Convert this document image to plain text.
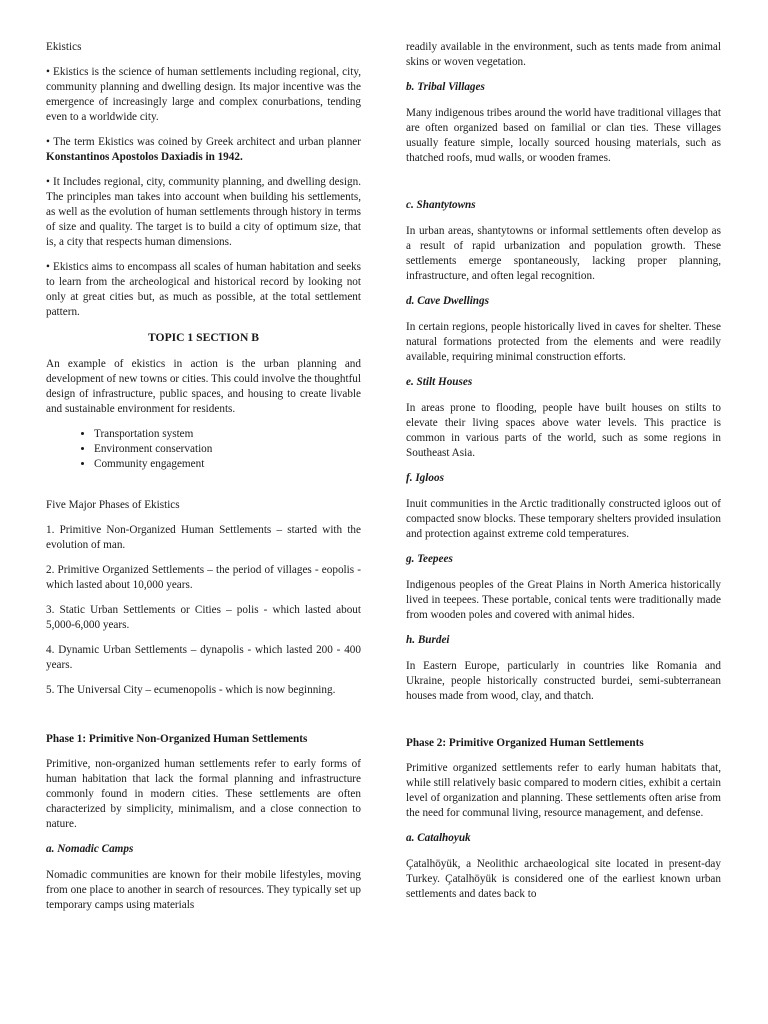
Ekistics

• Ekistics is the science of human settlements including regional, city, community planning and dwelling design. Its major incentive was the emergence of increasingly large and complex conurbations, tending even to a worldwide city.

• The term Ekistics was coined by Greek architect and urban planner Konstantinos Apostolos Daxiadis in 1942.

• It Includes regional, city, community planning, and dwelling design. The principles man takes into account when building his settlements, as well as the evolution of human settlements through history in terms of size and quality. The target is to build a city of optimum size, that is, a city that respects human dimensions.

• Ekistics aims to encompass all scales of human habitation and seeks to learn from the archeological and historical record by looking not only at great cities but, as much as possible, at the total settlement pattern.

TOPIC 1 SECTION B

An example of ekistics in action is the urban planning and development of new towns or cities. This could involve the thoughtful design of infrastructure, public spaces, and housing to create livable and sustainable environment for residents.

• Transportation system
• Environment conservation
• Community engagement

Five Major Phases of Ekistics

1. Primitive Non-Organized Human Settlements – started with the evolution of man.

2. Primitive Organized Settlements – the period of villages - eopolis - which lasted about 10,000 years.

3. Static Urban Settlements or Cities – polis - which lasted about 5,000-6,000 years.

4. Dynamic Urban Settlements – dynapolis - which lasted 200 - 400 years.

5. The Universal City – ecumenopolis - which is now beginning.

Phase 1: Primitive Non-Organized Human Settlements

Primitive, non-organized human settlements refer to early forms of human habitation that lack the formal planning and infrastructure commonly found in modern cities. These settlements are often characterized by simplicity, minimalism, and a close connection to nature.

a. Nomadic Camps

Nomadic communities are known for their mobile lifestyles, moving from one place to another in search of resources. They typically set up temporary camps using materials

readily available in the environment, such as tents made from animal skins or woven vegetation.

b. Tribal Villages

Many indigenous tribes around the world have traditional villages that are often organized based on familial or clan ties. These villages usually feature simple, locally sourced housing materials, such as thatched roofs, mud walls, or wooden frames.

c. Shantytowns

In urban areas, shantytowns or informal settlements often develop as a result of rapid urbanization and population growth. These settlements emerge spontaneously, lacking proper planning, infrastructure, and often legal recognition.

d. Cave Dwellings

In certain regions, people historically lived in caves for shelter. These natural formations protected from the elements and were readily available, requiring minimal construction efforts.

e. Stilt Houses

In areas prone to flooding, people have built houses on stilts to elevate their living spaces above water levels. This practice is common in various parts of the world, such as some regions in Southeast Asia.

f. Igloos

Inuit communities in the Arctic traditionally constructed igloos out of compacted snow blocks. These temporary shelters provided insulation and protection against extreme cold temperatures.

g. Teepees

Indigenous peoples of the Great Plains in North America historically lived in teepees. These portable, conical tents were traditionally made from wooden poles and covered with animal hides.

h. Burdei

In Eastern Europe, particularly in countries like Romania and Ukraine, people historically constructed burdei, semi-subterranean houses made from wood, clay, and thatch.

Phase 2: Primitive Organized Human Settlements

Primitive organized settlements refer to early human habitats that, while still relatively basic compared to modern cities, exhibit a certain level of organization and planning. These settlements often arise from the need for communal living, resource management, and defense.

a. Catalhoyuk

Çatalhöyük, a Neolithic archaeological site located in present-day Turkey. Çatalhöyük is considered one of the earliest known urban settlements and dates back to
